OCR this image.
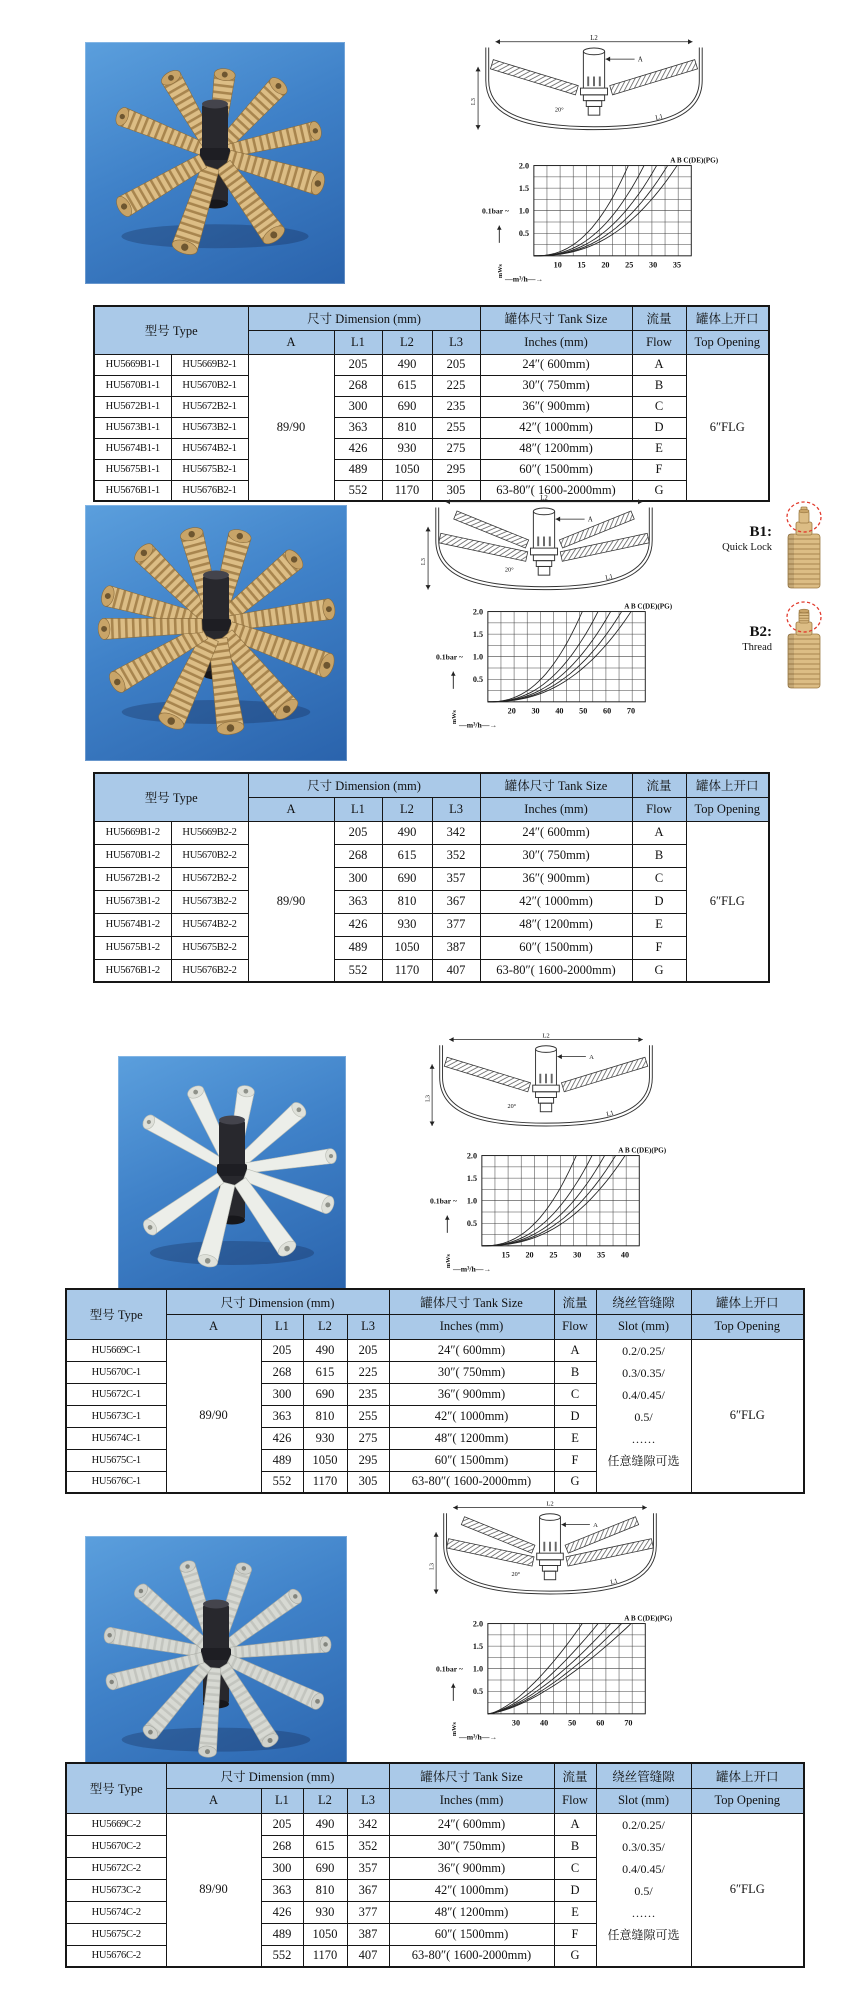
L2
A
L1
L3
20°
0.5
1.0
0.1bar ~
1.5
2.0
A B C(DE)(PG)
10 15 20 25 30 35
mWs
—m³/h—→
型号 Type		尺寸 Dimension (mm)				罐体尺寸 Tank Size	流量	罐体上开口
		A	L1	L2	L3	Inches (mm)	Flow	Top Opening
HU5669B1-1	HU5669B2-1	89/90	205	490	205	24″( 600mm)	A	6″FLG
HU5670B1-1	HU5670B2-1		268	615	225	30″( 750mm)	B	
HU5672B1-1	HU5672B2-1		300	690	235	36″( 900mm)	C	
HU5673B1-1	HU5673B2-1		363	810	255	42″( 1000mm)	D	
HU5674B1-1	HU5674B2-1		426	930	275	48″( 1200mm)	E	
HU5675B1-1	HU5675B2-1		489	1050	295	60″( 1500mm)	F	
HU5676B1-1	HU5676B2-1		552	1170	305	63-80″( 1600-2000mm)	G	
L2
A
L1
L3
20°
0.5
1.0
0.1bar ~
1.5
2.0
A B C(DE)(PG)
20 30 40 50 60 70
mWs
—m³/h—→
B1:
Quick Lock
B2:
Thread
型号 Type		尺寸 Dimension (mm)				罐体尺寸 Tank Size	流量	罐体上开口
		A	L1	L2	L3	Inches (mm)	Flow	Top Opening
HU5669B1-2	HU5669B2-2	89/90	205	490	342	24″( 600mm)	A	6″FLG
HU5670B1-2	HU5670B2-2		268	615	352	30″( 750mm)	B	
HU5672B1-2	HU5672B2-2		300	690	357	36″( 900mm)	C	
HU5673B1-2	HU5673B2-2		363	810	367	42″( 1000mm)	D	
HU5674B1-2	HU5674B2-2		426	930	377	48″( 1200mm)	E	
HU5675B1-2	HU5675B2-2		489	1050	387	60″( 1500mm)	F	
HU5676B1-2	HU5676B2-2		552	1170	407	63-80″( 1600-2000mm)	G	
L2
A
L1
L3
20°
0.5
1.0
0.1bar ~
1.5
2.0
A B C(DE)(PG)
15 20 25 30 35 40
mWs
—m³/h—→
型号 Type	尺寸 Dimension (mm)				罐体尺寸 Tank Size	流量	绕丝管缝隙	罐体上开口
	A	L1	L2	L3	Inches (mm)	Flow	Slot (mm)	Top Opening
HU5669C-1	89/90	205	490	205	24″( 600mm)	A	0.2/0.25/
0.3/0.35/
0.4/0.45/
0.5/
……
任意缝隙可选
	6″FLG
HU5670C-1		268	615	225	30″( 750mm)	B		
HU5672C-1		300	690	235	36″( 900mm)	C		
HU5673C-1		363	810	255	42″( 1000mm)	D		
HU5674C-1		426	930	275	48″( 1200mm)	E		
HU5675C-1		489	1050	295	60″( 1500mm)	F		
HU5676C-1		552	1170	305	63-80″( 1600-2000mm)	G		
L2
A
L1
L3
20°
0.5
1.0
0.1bar ~
1.5
2.0
A B C(DE)(PG)
30 40 50 60 70
mWs
—m³/h—→
型号 Type	尺寸 Dimension (mm)				罐体尺寸 Tank Size	流量	绕丝管缝隙	罐体上开口
	A	L1	L2	L3	Inches (mm)	Flow	Slot (mm)	Top Opening
HU5669C-2	89/90	205	490	342	24″( 600mm)	A	0.2/0.25/
0.3/0.35/
0.4/0.45/
0.5/
……
任意缝隙可选
	6″FLG
HU5670C-2		268	615	352	30″( 750mm)	B		
HU5672C-2		300	690	357	36″( 900mm)	C		
HU5673C-2		363	810	367	42″( 1000mm)	D		
HU5674C-2		426	930	377	48″( 1200mm)	E		
HU5675C-2		489	1050	387	60″( 1500mm)	F		
HU5676C-2		552	1170	407	63-80″( 1600-2000mm)	G		
